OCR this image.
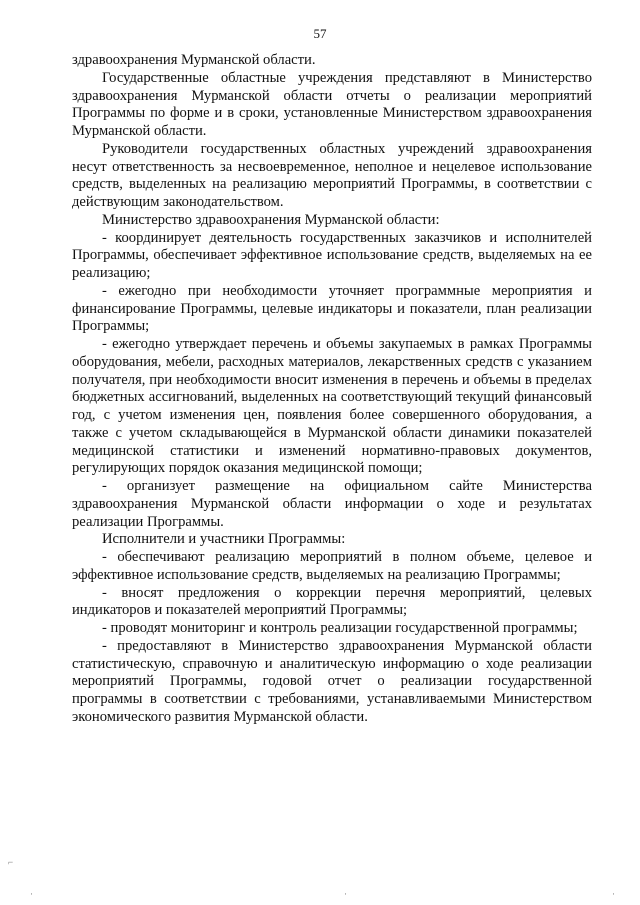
57

здравоохранения Мурманской области.

Государственные областные учреждения представляют в Министерство здравоохранения Мурманской области отчеты о реализации мероприятий Программы по форме и в сроки, установленные Министерством здравоохранения Мурманской области.

Руководители государственных областных учреждений здравоохранения несут ответственность за несвоевременное, неполное и нецелевое использование средств, выделенных на реализацию мероприятий Программы, в соответствии с действующим законодательством.

Министерство здравоохранения Мурманской области:

- координирует деятельность государственных заказчиков и исполнителей Программы, обеспечивает эффективное использование средств, выделяемых на ее реализацию;

- ежегодно при необходимости уточняет программные мероприятия и финансирование Программы, целевые индикаторы и показатели, план реализации Программы;

- ежегодно утверждает перечень и объемы закупаемых в рамках Программы оборудования, мебели, расходных материалов, лекарственных средств с указанием получателя, при необходимости вносит изменения в перечень и объемы в пределах бюджетных ассигнований, выделенных на соответствующий текущий финансовый год, с учетом изменения цен, появления более совершенного оборудования, а также с учетом складывающейся в Мурманской области динамики показателей медицинской статистики и изменений нормативно-правовых документов, регулирующих порядок оказания медицинской помощи;

- организует размещение на официальном сайте Министерства здравоохранения Мурманской области информации о ходе и результатах реализации Программы.

Исполнители и участники Программы:

- обеспечивают реализацию мероприятий в полном объеме, целевое и эффективное использование средств, выделяемых на реализацию Программы;

- вносят предложения о коррекции перечня мероприятий, целевых индикаторов и показателей мероприятий Программы;

- проводят мониторинг и контроль реализации государственной программы;

- предоставляют в Министерство здравоохранения Мурманской области статистическую, справочную и аналитическую информацию о ходе реализации мероприятий Программы, годовой отчет о реализации государственной программы в соответствии с требованиями, устанавливаемыми Министерством экономического развития Мурманской области.

⌐
·	·	·
